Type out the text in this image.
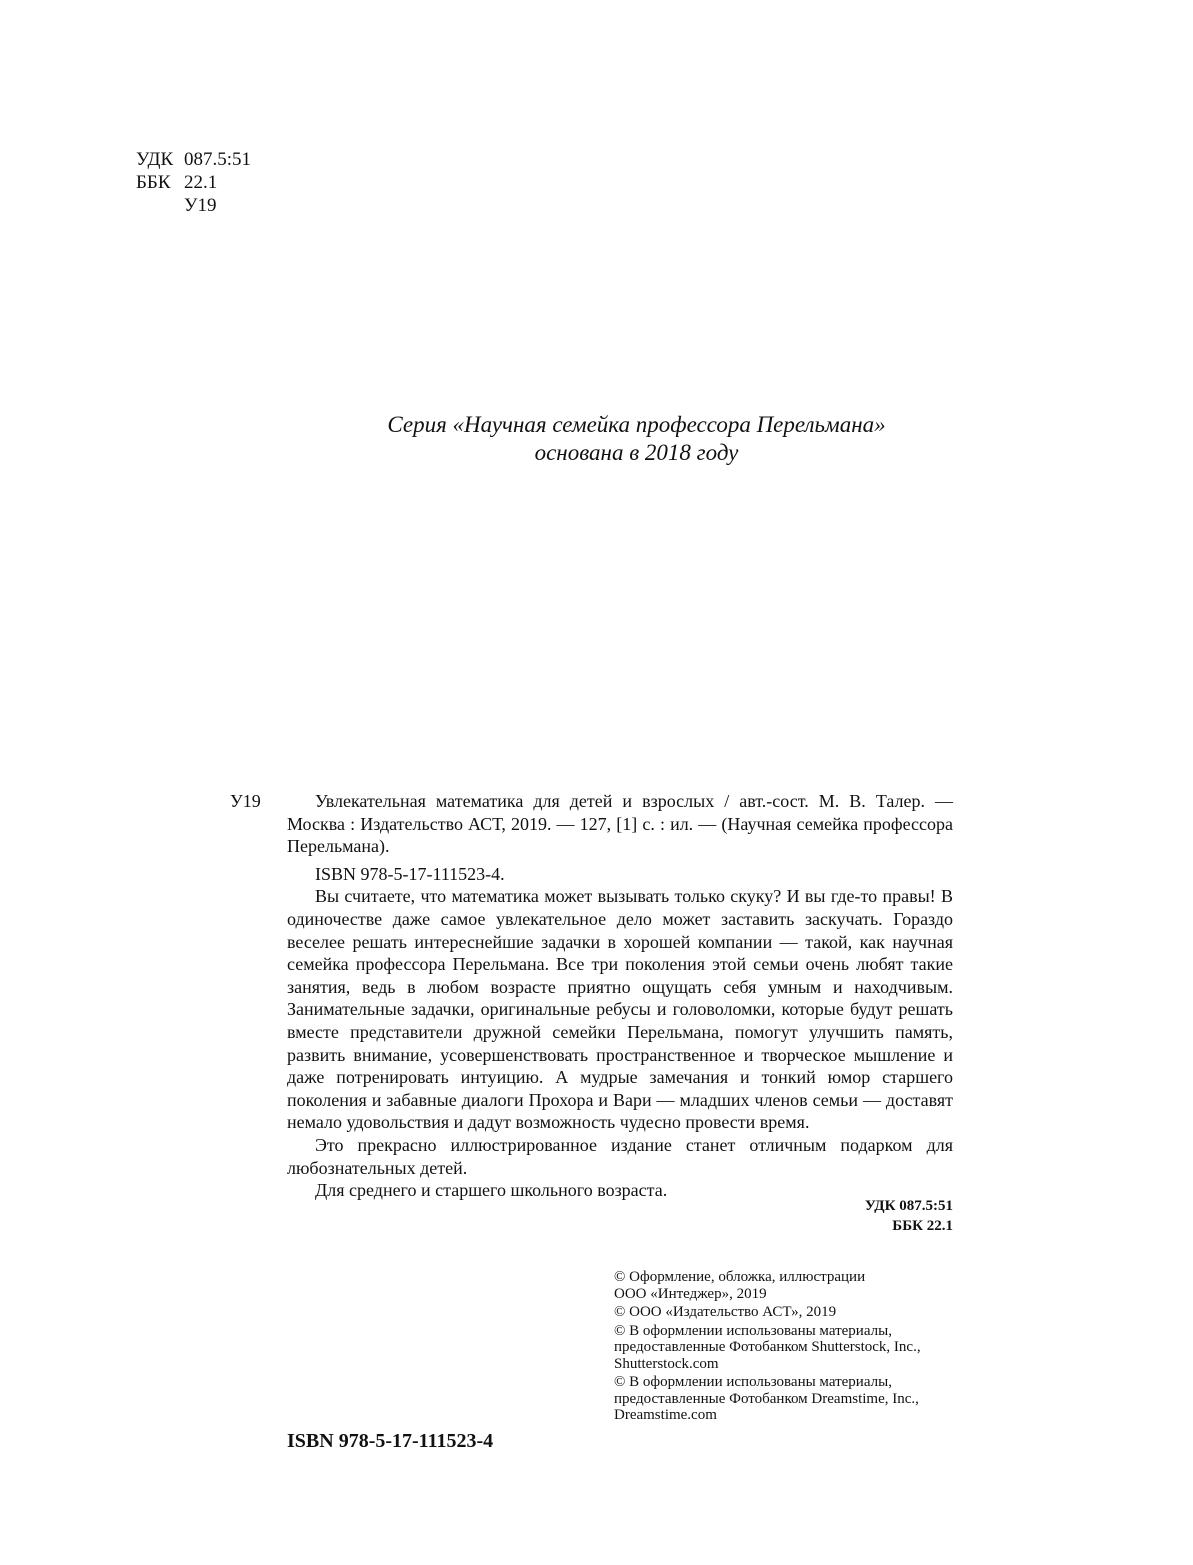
УДК 087.5:51
ББК 22.1
У19
Серия «Научная семейка профессора Перельмана»
основана в 2018 году
У19	Увлекательная математика для детей и взрослых / авт.-сост. М. В. Талер. — Москва : Издательство АСТ, 2019. — 127, [1] с. : ил. — (Научная семейка профессора Перельмана).

ISBN 978-5-17-111523-4.

Вы считаете, что математика может вызывать только скуку? И вы где-то правы! В одиночестве даже самое увлекательное дело может заставить заскучать. Гораздо веселее решать интереснейшие задачки в хорошей компании — такой, как научная семейка профессора Перельмана. Все три поколения этой семьи очень любят такие занятия, ведь в любом возрасте приятно ощущать себя умным и находчивым. Занимательные задачки, оригинальные ребусы и головоломки, которые будут решать вместе представители дружной семейки Перельмана, помогут улучшить память, развить внимание, усовершенствовать пространственное и творческое мышление и даже потренировать интуицию. А мудрые замечания и тонкий юмор старшего поколения и забавные диалоги Прохора и Вари — младших членов семьи — доставят немало удовольствия и дадут возможность чудесно провести время.

Это прекрасно иллюстрированное издание станет отличным подарком для любознательных детей.

Для среднего и старшего школьного возраста.

УДК 087.5:51
ББК 22.1
ISBN 978-5-17-111523-4
© Оформление, обложка, иллюстрации
ООО «Интеджер», 2019
© ООО «Издательство АСТ», 2019
© В оформлении использованы материалы,
предоставленные Фотобанком Shutterstock, Inc.,
Shutterstock.com
© В оформлении использованы материалы,
предоставленные Фотобанком Dreamstime, Inc.,
Dreamstime.com
